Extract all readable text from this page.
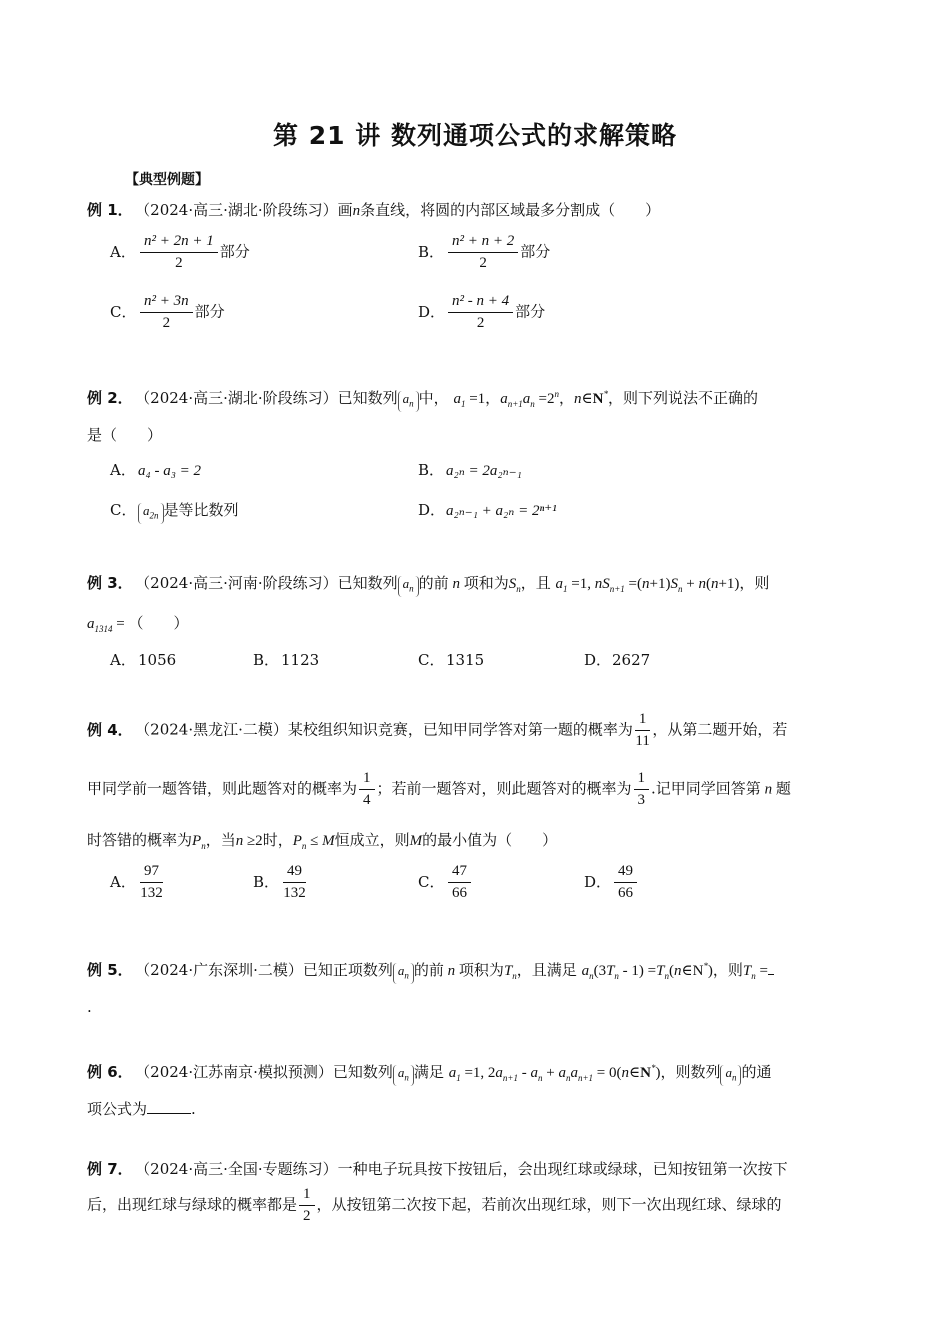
第 21 讲 数列通项公式的求解策略
【典型例题】
例 1． （2024·高三·湖北·阶段练习）画n条直线，将圆的内部区域最多分割成（　　）
A． $\frac{\text{n² + 2n + 1}}{2}$ 部分	B． $\frac{\text{n² + n + 2}}{2}$ 部分
C． $\frac{\text{n² + 3n}}{2}$ 部分	D． $\frac{\text{n² - n + 4}}{2}$ 部分
例 2． （2024·高三·湖北·阶段练习）已知数列 $a_n$ 中， $a_1 =1$，$a_{n+1}a_n =2^n$，n∈N*，则下列说法不正确的
是（　　）
A． a₄ - a₃ = 2	B． a₂ₙ = 2a₂ₙ₋₁
C． $a_{2n}$ 是等比数列	D．a₂ₙ₋₁ + a₂ₙ = 2ⁿ⁺¹
例 3． （2024·高三·河南·阶段练习）已知数列 $a_n$ 的前 n 项和为$S_n$，且 $a_1 =1$, $nS_{n+1} =(n+1)S_n + n(n+1)$，则
$a_{1314}$ = （　　）
A． 1056	B． 1123	C． 1315	D．2627
例 4． （2024·黑龙江·二模）某校组织知识竞赛，已知甲同学答对第一题的概率为 $\frac{1}{11}$ ，从第二题开始，若
甲同学前一题答错，则此题答对的概率为 $\frac{1}{4}$ ；若前一题答对，则此题答对的概率为 $\frac{1}{3}$ .记甲同学回答第 n 题
时答错的概率为$P_n$，当n ≥2时，$P_n \le M$恒成立，则M的最小值为（　　）
A． $\frac{97}{132}$	B． $\frac{49}{132}$	C． $\frac{47}{66}$	D． $\frac{49}{66}$
例 5． （2024·广东深圳·二模）已知正项数列 $a_n$ 的前 n 项积为$T_n$，且满足 $a_n(3T_n - 1)$ $=T_n(n\in N^*)$，则$T_n$ =
.
例 6． （2024·江苏南京·模拟预测）已知数列 $a_n$ 满足 $a_1 =1$, $2a_{n+1} - a_n + a_na_{n+1}$ = 0(n∈N*)，则数列 $a_n$ 的通
项公式为	.
例 7． （2024·高三·全国·专题练习）一种电子玩具按下按钮后，会出现红球或绿球，已知按钮第一次按下
后，出现红球与绿球的概率都是 $\frac{1}{2}$ ，从按钮第二次按下起，若前次出现红球，则下一次出现红球、绿球的
